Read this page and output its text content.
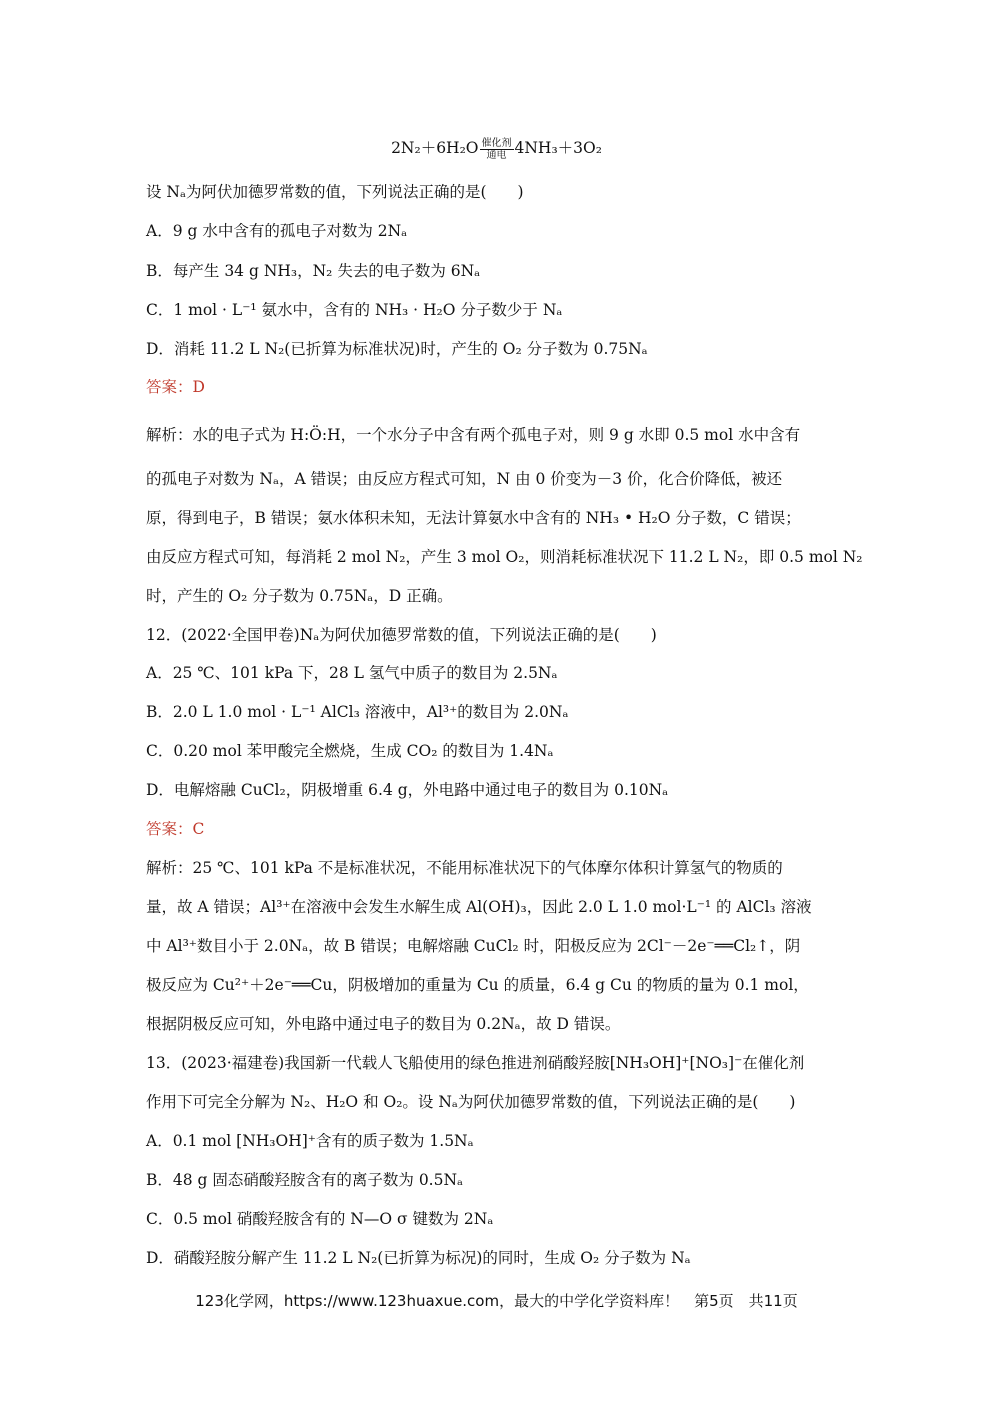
2N₂＋6H₂O 催化剂
通电 4NH₃＋3O₂
设 Nₐ为阿伏加德罗常数的值，下列说法正确的是(　　)
A．9 g 水中含有的孤电子对数为 2Nₐ
B．每产生 34 g NH₃，N₂ 失去的电子数为 6Nₐ
C．1 mol · L⁻¹ 氨水中，含有的 NH₃ · H₂O 分子数少于 Nₐ
D．消耗 11.2 L N₂(已折算为标准状况)时，产生的 O₂ 分子数为 0.75Nₐ
答案：D
解析：水的电子式为 H:Ö:H，一个水分子中含有两个孤电子对，则 9 g 水即 0.5 mol 水中含有
的孤电子对数为 Nₐ，A 错误；由反应方程式可知，N 由 0 价变为－3 价，化合价降低，被还
原，得到电子，B 错误；氨水体积未知，无法计算氨水中含有的 NH₃ • H₂O 分子数，C 错误；
由反应方程式可知，每消耗 2 mol N₂，产生 3 mol O₂，则消耗标准状况下 11.2 L N₂，即 0.5 mol N₂
时，产生的 O₂ 分子数为 0.75Nₐ，D 正确。
12．(2022·全国甲卷)Nₐ为阿伏加德罗常数的值，下列说法正确的是(　　)
A．25 ℃、101 kPa 下，28 L 氢气中质子的数目为 2.5Nₐ
B．2.0 L 1.0 mol · L⁻¹ AlCl₃ 溶液中，Al³⁺的数目为 2.0Nₐ
C．0.20 mol 苯甲酸完全燃烧，生成 CO₂ 的数目为 1.4Nₐ
D．电解熔融 CuCl₂，阴极增重 6.4 g，外电路中通过电子的数目为 0.10Nₐ
答案：C
解析：25 ℃、101 kPa 不是标准状况，不能用标准状况下的气体摩尔体积计算氢气的物质的
量，故 A 错误；Al³⁺在溶液中会发生水解生成 Al(OH)₃，因此 2.0 L 1.0 mol·L⁻¹ 的 AlCl₃ 溶液
中 Al³⁺数目小于 2.0Nₐ，故 B 错误；电解熔融 CuCl₂ 时，阳极反应为 2Cl⁻－2e⁻══Cl₂↑，阴
极反应为 Cu²⁺＋2e⁻══Cu，阴极增加的重量为 Cu 的质量，6.4 g Cu 的物质的量为 0.1 mol，
根据阴极反应可知，外电路中通过电子的数目为 0.2Nₐ，故 D 错误。
13．(2023·福建卷)我国新一代载人飞船使用的绿色推进剂硝酸羟胺[NH₃OH]⁺[NO₃]⁻在催化剂
作用下可完全分解为 N₂、H₂O 和 O₂。设 Nₐ为阿伏加德罗常数的值，下列说法正确的是(　　)
A．0.1 mol [NH₃OH]⁺含有的质子数为 1.5Nₐ
B．48 g 固态硝酸羟胺含有的离子数为 0.5Nₐ
C．0.5 mol 硝酸羟胺含有的 N—O σ 键数为 2Nₐ
D．硝酸羟胺分解产生 11.2 L N₂(已折算为标况)的同时，生成 O₂ 分子数为 Nₐ
123化学网，https://www.123huaxue.com，最大的中学化学资料库！　第5页　共11页
